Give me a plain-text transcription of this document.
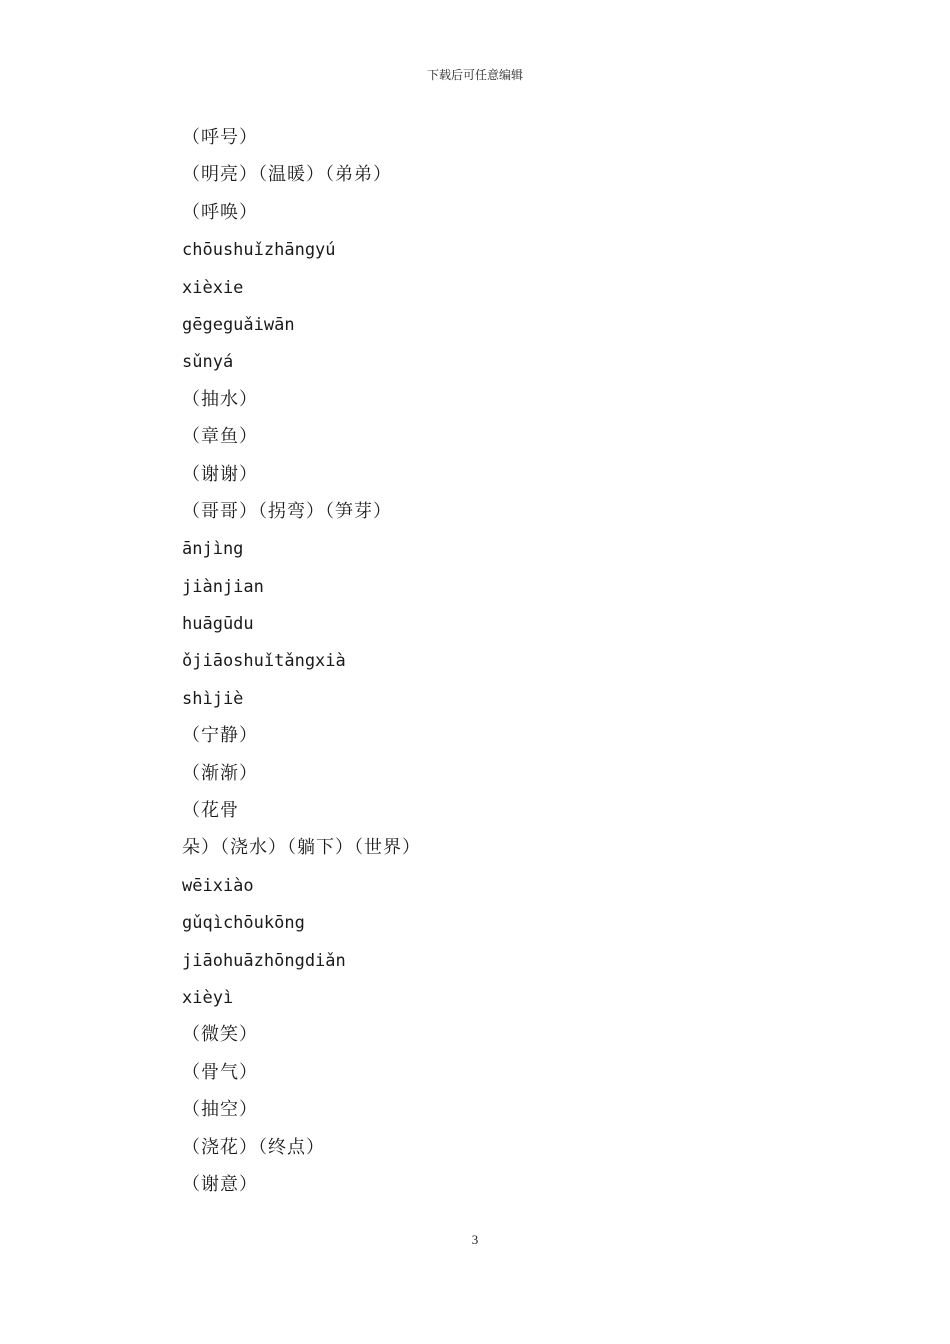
下载后可任意编辑
（呼号）
（明亮）（温暖）（弟弟）
（呼唤）
chōushuǐzhāngyú
xièxie
gēgeguǎiwān
sǔnyá
（抽水）
（章鱼）
（谢谢）
（哥哥）（拐弯）（笋芽）
ānjìng
jiànjian
huāgūdu
ǒjiāoshuǐtǎngxià
shìjiè
（宁静）
（渐渐）
（花骨
朵）（浇水）（躺下）（世界）
wēixiào
gǔqìchōukōng
jiāohuāzhōngdiǎn
xièyì
（微笑）
（骨气）
（抽空）
（浇花）（终点）
（谢意）
3
